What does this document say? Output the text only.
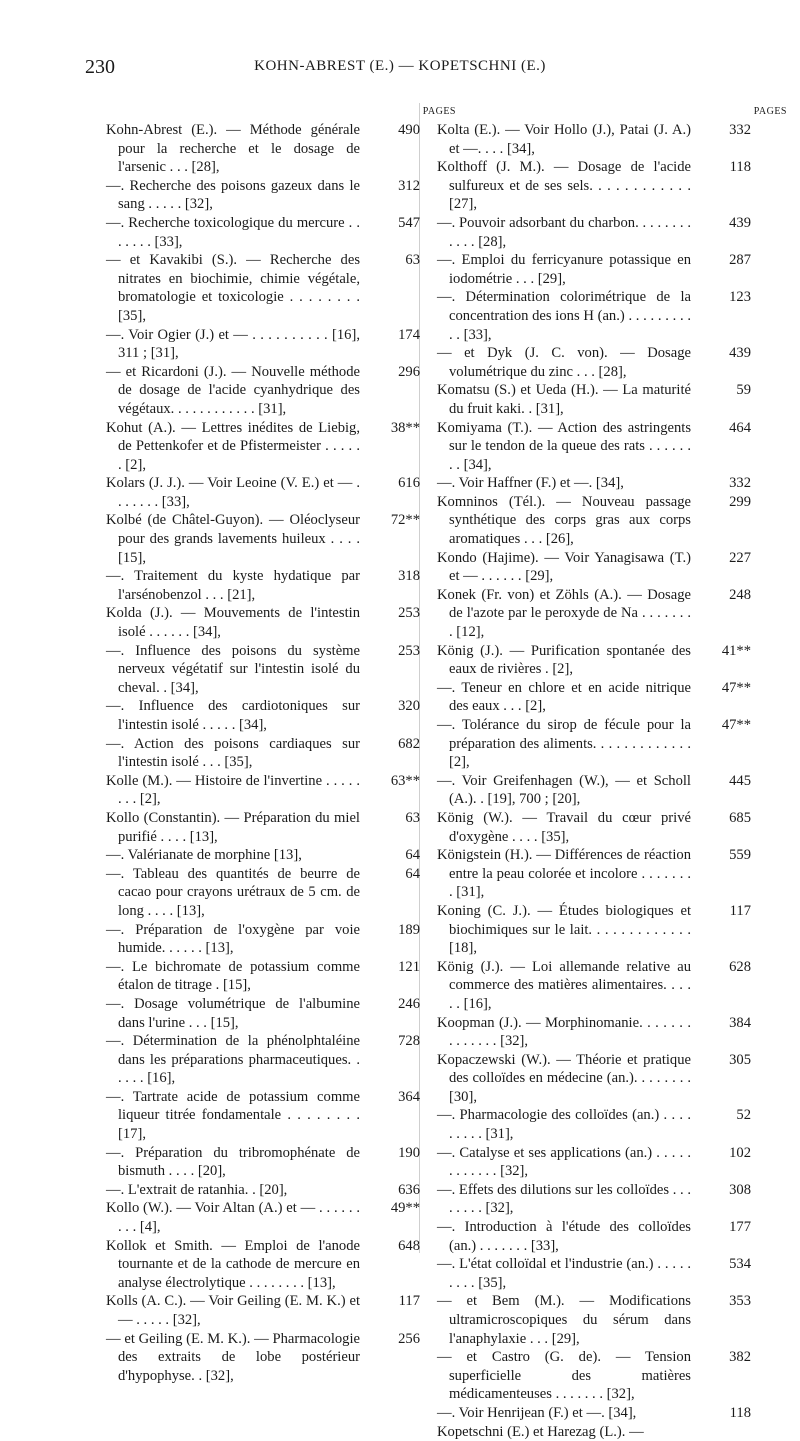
230	KOHN-ABREST (E.) — KOPETSCHNI (E.)
PAGES
Kohn-Abrest (E.). — Méthode générale pour la recherche et le dosage de l'arsenic . . . [28],
490
—. Recherche des poisons gazeux dans le sang . . . . . [32],
312
—. Recherche toxicologique du mercure . . . . . . . [33],
547
— et Kavakibi (S.). — Recherche des nitrates en biochimie, chimie végétale, bromatologie et toxicologie . . . . . . . . [35],
63
—. Voir Ogier (J.) et — . . . . . . . . . . [16], 311 ; [31],
174
— et Ricardoni (J.). — Nouvelle méthode de dosage de l'acide cyanhydrique des végétaux. . . . . . . . . . . . [31],
296
Kohut (A.). — Lettres inédites de Liebig, de Pettenkofer et de Pfistermeister . . . . . . [2],
38**
Kolars (J. J.). — Voir Leoine (V. E.) et — . . . . . . . [33],
616
Kolbé (de Châtel-Guyon). — Oléoclyseur pour des grands lavements huileux . . . . [15],
72**
—. Traitement du kyste hydatique par l'arsénobenzol . . . [21],
318
Kolda (J.). — Mouvements de l'intestin isolé . . . . . . [34],
253
—. Influence des poisons du système nerveux végétatif sur l'intestin isolé du cheval. . [34],
253
—. Influence des cardiotoniques sur l'intestin isolé . . . . . [34],
320
—. Action des poisons cardiaques sur l'intestin isolé . . . [35],
682
Kolle (M.). — Histoire de l'invertine . . . . . . . . [2],
63**
Kollo (Constantin). — Préparation du miel purifié . . . . [13],
63
—. Valérianate de morphine [13],	64
—. Tableau des quantités de beurre de cacao pour crayons urétraux de 5 cm. de long . . . . [13],
64
—. Préparation de l'oxygène par voie humide. . . . . . [13],
189
—. Le bichromate de potassium comme étalon de titrage . [15],
121
—. Dosage volumétrique de l'albumine dans l'urine . . . [15],
246
—. Détermination de la phénolphtaléine dans les préparations pharmaceutiques. . . . . . [16],
728
—. Tartrate acide de potassium comme liqueur titrée fondamentale . . . . . . . . [17],
364
—. Préparation du tribromophénate de bismuth . . . . [20],
190
—. L'extrait de ratanhia. . [20],	636
Kollo (W.). — Voir Altan (A.) et — . . . . . . . . . [4],
49**
Kollok et Smith. — Emploi de l'anode tournante et de la cathode de mercure en analyse électrolytique . . . . . . . . [13],
648
Kolls (A. C.). — Voir Geiling (E. M. K.) et — . . . . . [32],
117
— et Geiling (E. M. K.). — Pharmacologie des extraits de lobe postérieur d'hypophyse. . [32],
256
PAGES
Kolta (E.). — Voir Hollo (J.), Patai (J. A.) et —. . . . [34],
332
Kolthoff (J. M.). — Dosage de l'acide sulfureux et de ses sels. . . . . . . . . . . . [27],
118
—. Pouvoir adsorbant du charbon. . . . . . . . . . . . [28],
439
—. Emploi du ferricyanure potassique en iodométrie . . . [29],
287
—. Détermination colorimétrique de la concentration des ions H (an.) . . . . . . . . . . . [33],
123
— et Dyk (J. C. von). — Dosage volumétrique du zinc . . . [28],
439
Komatsu (S.) et Ueda (H.). — La maturité du fruit kaki. . [31],
59
Komiyama (T.). — Action des astringents sur le tendon de la queue des rats . . . . . . . . [34],
464
—. Voir Haffner (F.) et —. [34],	332
Komninos (Tél.). — Nouveau passage synthétique des corps gras aux corps aromatiques . . . [26],
299
Kondo (Hajime). — Voir Yanagisawa (T.) et — . . . . . . [29],
227
Konek (Fr. von) et Zöhls (A.). — Dosage de l'azote par le peroxyde de Na . . . . . . . . [12],
248
König (J.). — Purification spontanée des eaux de rivières . [2],
41**
—. Teneur en chlore et en acide nitrique des eaux . . . [2],
47**
—. Tolérance du sirop de fécule pour la préparation des aliments. . . . . . . . . . . . . [2],
47**
—. Voir Greifenhagen (W.), — et Scholl (A.). . [19], 700 ; [20],
445
König (W.). — Travail du cœur privé d'oxygène . . . . [35],
685
Königstein (H.). — Différences de réaction entre la peau colorée et incolore . . . . . . . . [31],
559
Koning (C. J.). — Études biologiques et biochimiques sur le lait. . . . . . . . . . . . . [18],
117
König (J.). — Loi allemande relative au commerce des matières alimentaires. . . . . . [16],
628
Koopman (J.). — Morphinomanie. . . . . . . . . . . . . . [32],
384
Kopaczewski (W.). — Théorie et pratique des colloïdes en médecine (an.). . . . . . . . [30],
305
—. Pharmacologie des colloïdes (an.) . . . . . . . . . [31],
52
—. Catalyse et ses applications (an.) . . . . . . . . . . . . [32],
102
—. Effets des dilutions sur les colloïdes . . . . . . . . [32],
308
—. Introduction à l'étude des colloïdes (an.) . . . . . . . [33],
177
—. L'état colloïdal et l'industrie (an.) . . . . . . . . . [35],
534
— et Bem (M.). — Modifications ultramicroscopiques du sérum dans l'anaphylaxie . . . [29],
353
— et Castro (G. de). — Tension superficielle des matières médicamenteuses . . . . . . . [32],
382
—. Voir Henrijean (F.) et —. [34],	118
Kopetschni (E.) et Harezag (L.). —
